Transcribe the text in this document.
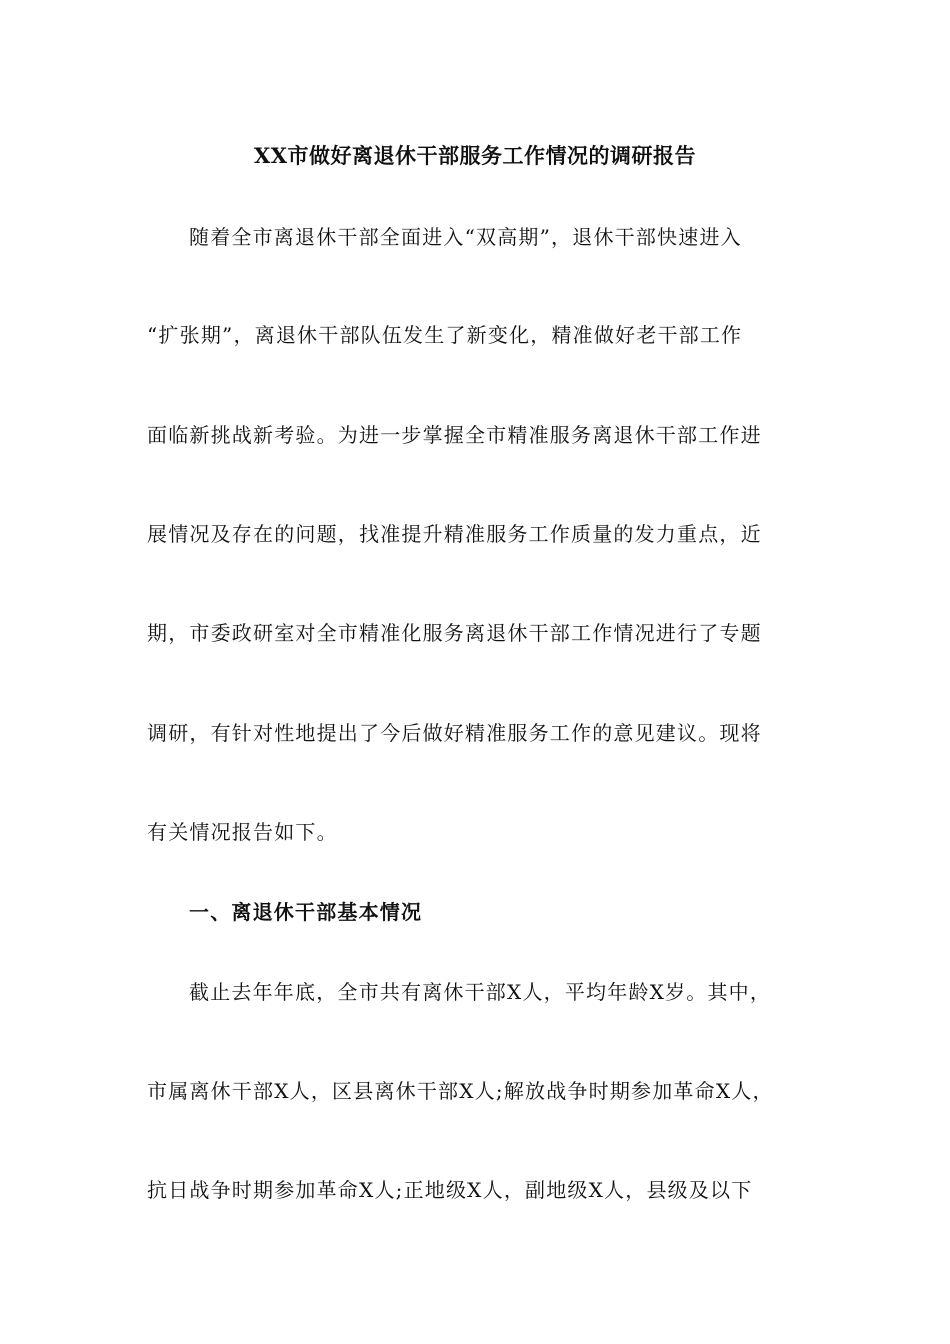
XX市做好离退休干部服务工作情况的调研报告
随着全市离退休干部全面进入“双高期”，退休干部快速进入
“扩张期”，离退休干部队伍发生了新变化，精准做好老干部工作
面临新挑战新考验。为进一步掌握全市精准服务离退休干部工作进
展情况及存在的问题，找准提升精准服务工作质量的发力重点，近
期，市委政研室对全市精准化服务离退休干部工作情况进行了专题
调研，有针对性地提出了今后做好精准服务工作的意见建议。现将
有关情况报告如下。
一、离退休干部基本情况
截止去年年底，全市共有离休干部X人，平均年龄X岁。其中，
市属离休干部X人，区县离休干部X人;解放战争时期参加革命X人，
抗日战争时期参加革命X人;正地级X人，副地级X人，县级及以下
